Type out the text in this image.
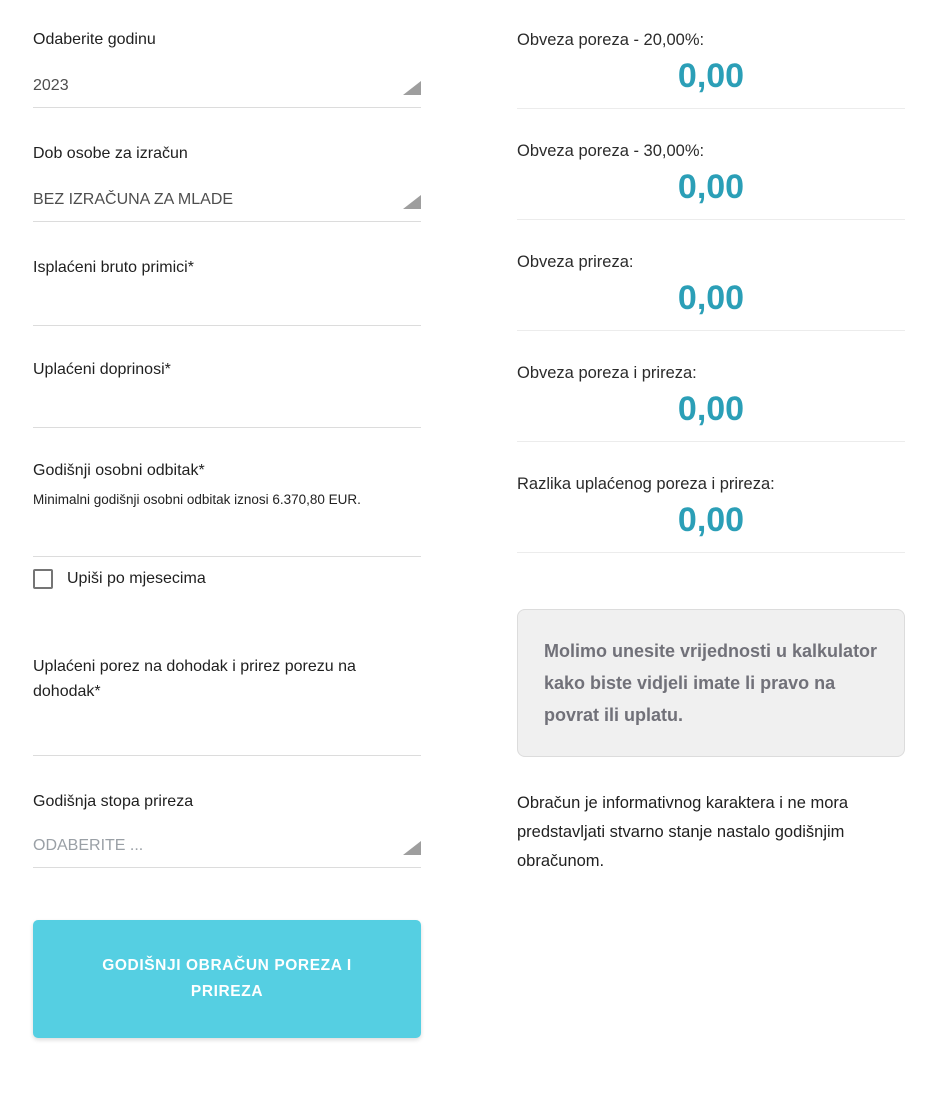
Odaberite godinu
2023
Dob osobe za izračun
BEZ IZRAČUNA ZA MLADE
Isplaćeni bruto primici*
Uplaćeni doprinosi*
Godišnji osobni odbitak*
Minimalni godišnji osobni odbitak iznosi 6.370,80 EUR.
Upiši po mjesecima
Uplaćeni porez na dohodak i prirez porezu na dohodak*
Godišnja stopa prireza
ODABERITE ...
GODIŠNJI OBRAČUN POREZA I PRIREZA
Obveza poreza - 20,00%:
0,00
Obveza poreza - 30,00%:
0,00
Obveza prireza:
0,00
Obveza poreza i prireza:
0,00
Razlika uplaćenog poreza i prireza:
0,00
Molimo unesite vrijednosti u kalkulator kako biste vidjeli imate li pravo na povrat ili uplatu.
Obračun je informativnog karaktera i ne mora predstavljati stvarno stanje nastalo godišnjim obračunom.
